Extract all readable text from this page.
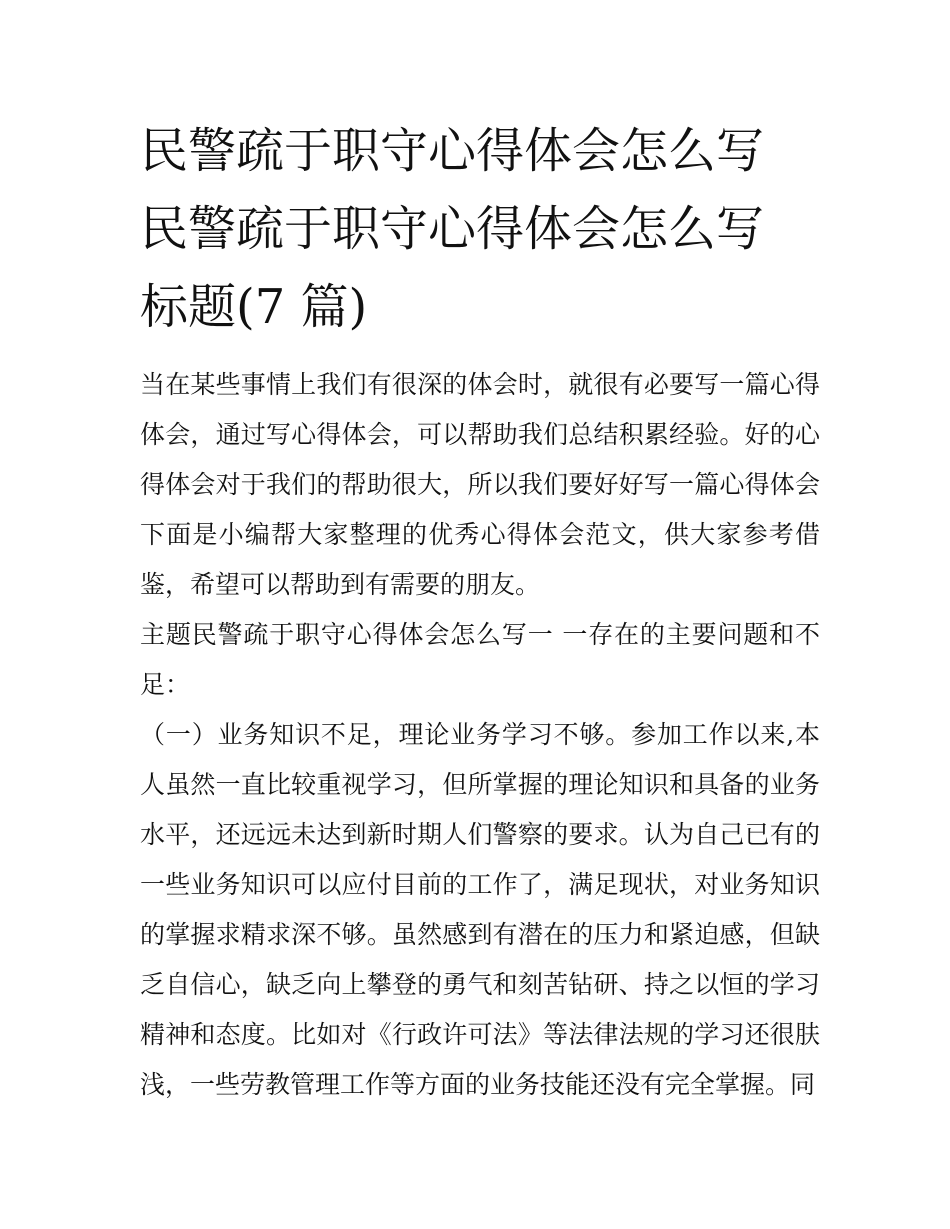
民警疏于职守心得体会怎么写
民警疏于职守心得体会怎么写
标题(7 篇)

当在某些事情上我们有很深的体会时，就很有必要写一篇心得体会，通过写心得体会，可以帮助我们总结积累经验。好的心得体会对于我们的帮助很大，所以我们要好好写一篇心得体会下面是小编帮大家整理的优秀心得体会范文，供大家参考借鉴，希望可以帮助到有需要的朋友。

主题民警疏于职守心得体会怎么写一 一存在的主要问题和不足：

（一）业务知识不足，理论业务学习不够。参加工作以来,本人虽然一直比较重视学习，但所掌握的理论知识和具备的业务水平，还远远未达到新时期人们警察的要求。认为自己已有的一些业务知识可以应付目前的工作了，满足现状，对业务知识的掌握求精求深不够。虽然感到有潜在的压力和紧迫感，但缺乏自信心，缺乏向上攀登的勇气和刻苦钻研、持之以恒的学习精神和态度。比如对《行政许可法》等法律法规的学习还很肤浅，一些劳教管理工作等方面的业务技能还没有完全掌握。同
